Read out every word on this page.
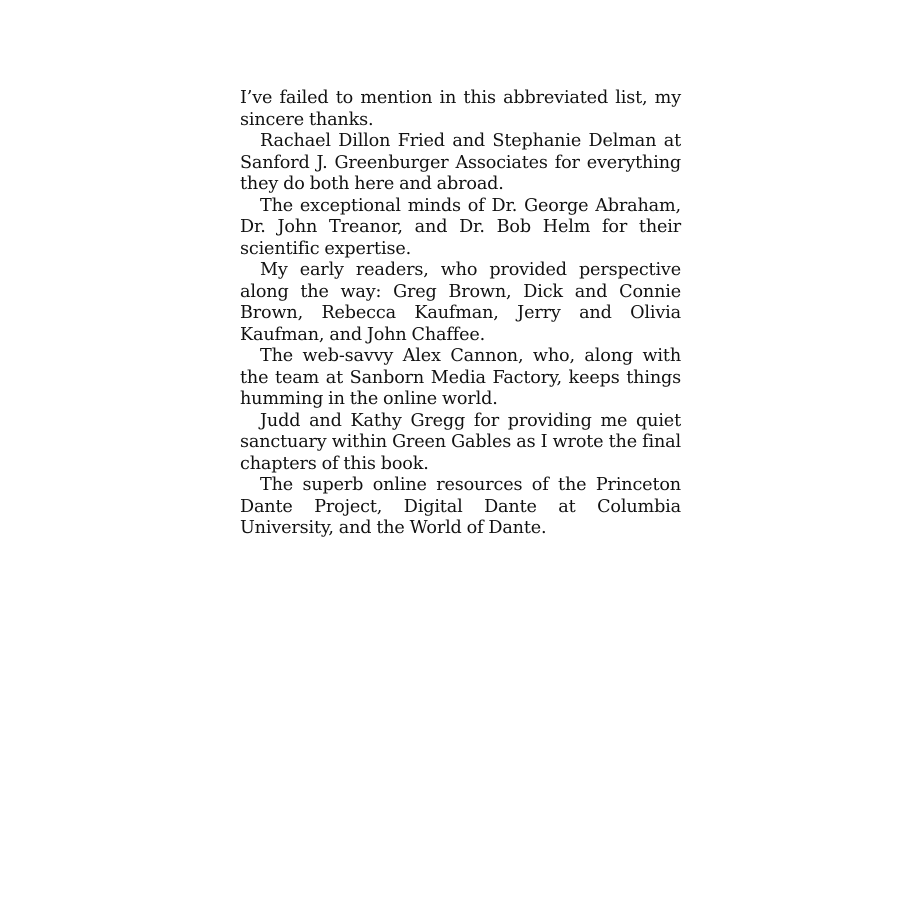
I’ve failed to mention in this abbreviated list, my sincere thanks.

Rachael Dillon Fried and Stephanie Delman at Sanford J. Greenburger Associates for everything they do both here and abroad.

The exceptional minds of Dr. George Abraham, Dr. John Treanor, and Dr. Bob Helm for their scientific expertise.

My early readers, who provided perspective along the way: Greg Brown, Dick and Connie Brown, Rebecca Kaufman, Jerry and Olivia Kaufman, and John Chaffee.

The web-savvy Alex Cannon, who, along with the team at Sanborn Media Factory, keeps things humming in the online world.

Judd and Kathy Gregg for providing me quiet sanctuary within Green Gables as I wrote the final chapters of this book.

The superb online resources of the Princeton Dante Project, Digital Dante at Columbia University, and the World of Dante.
